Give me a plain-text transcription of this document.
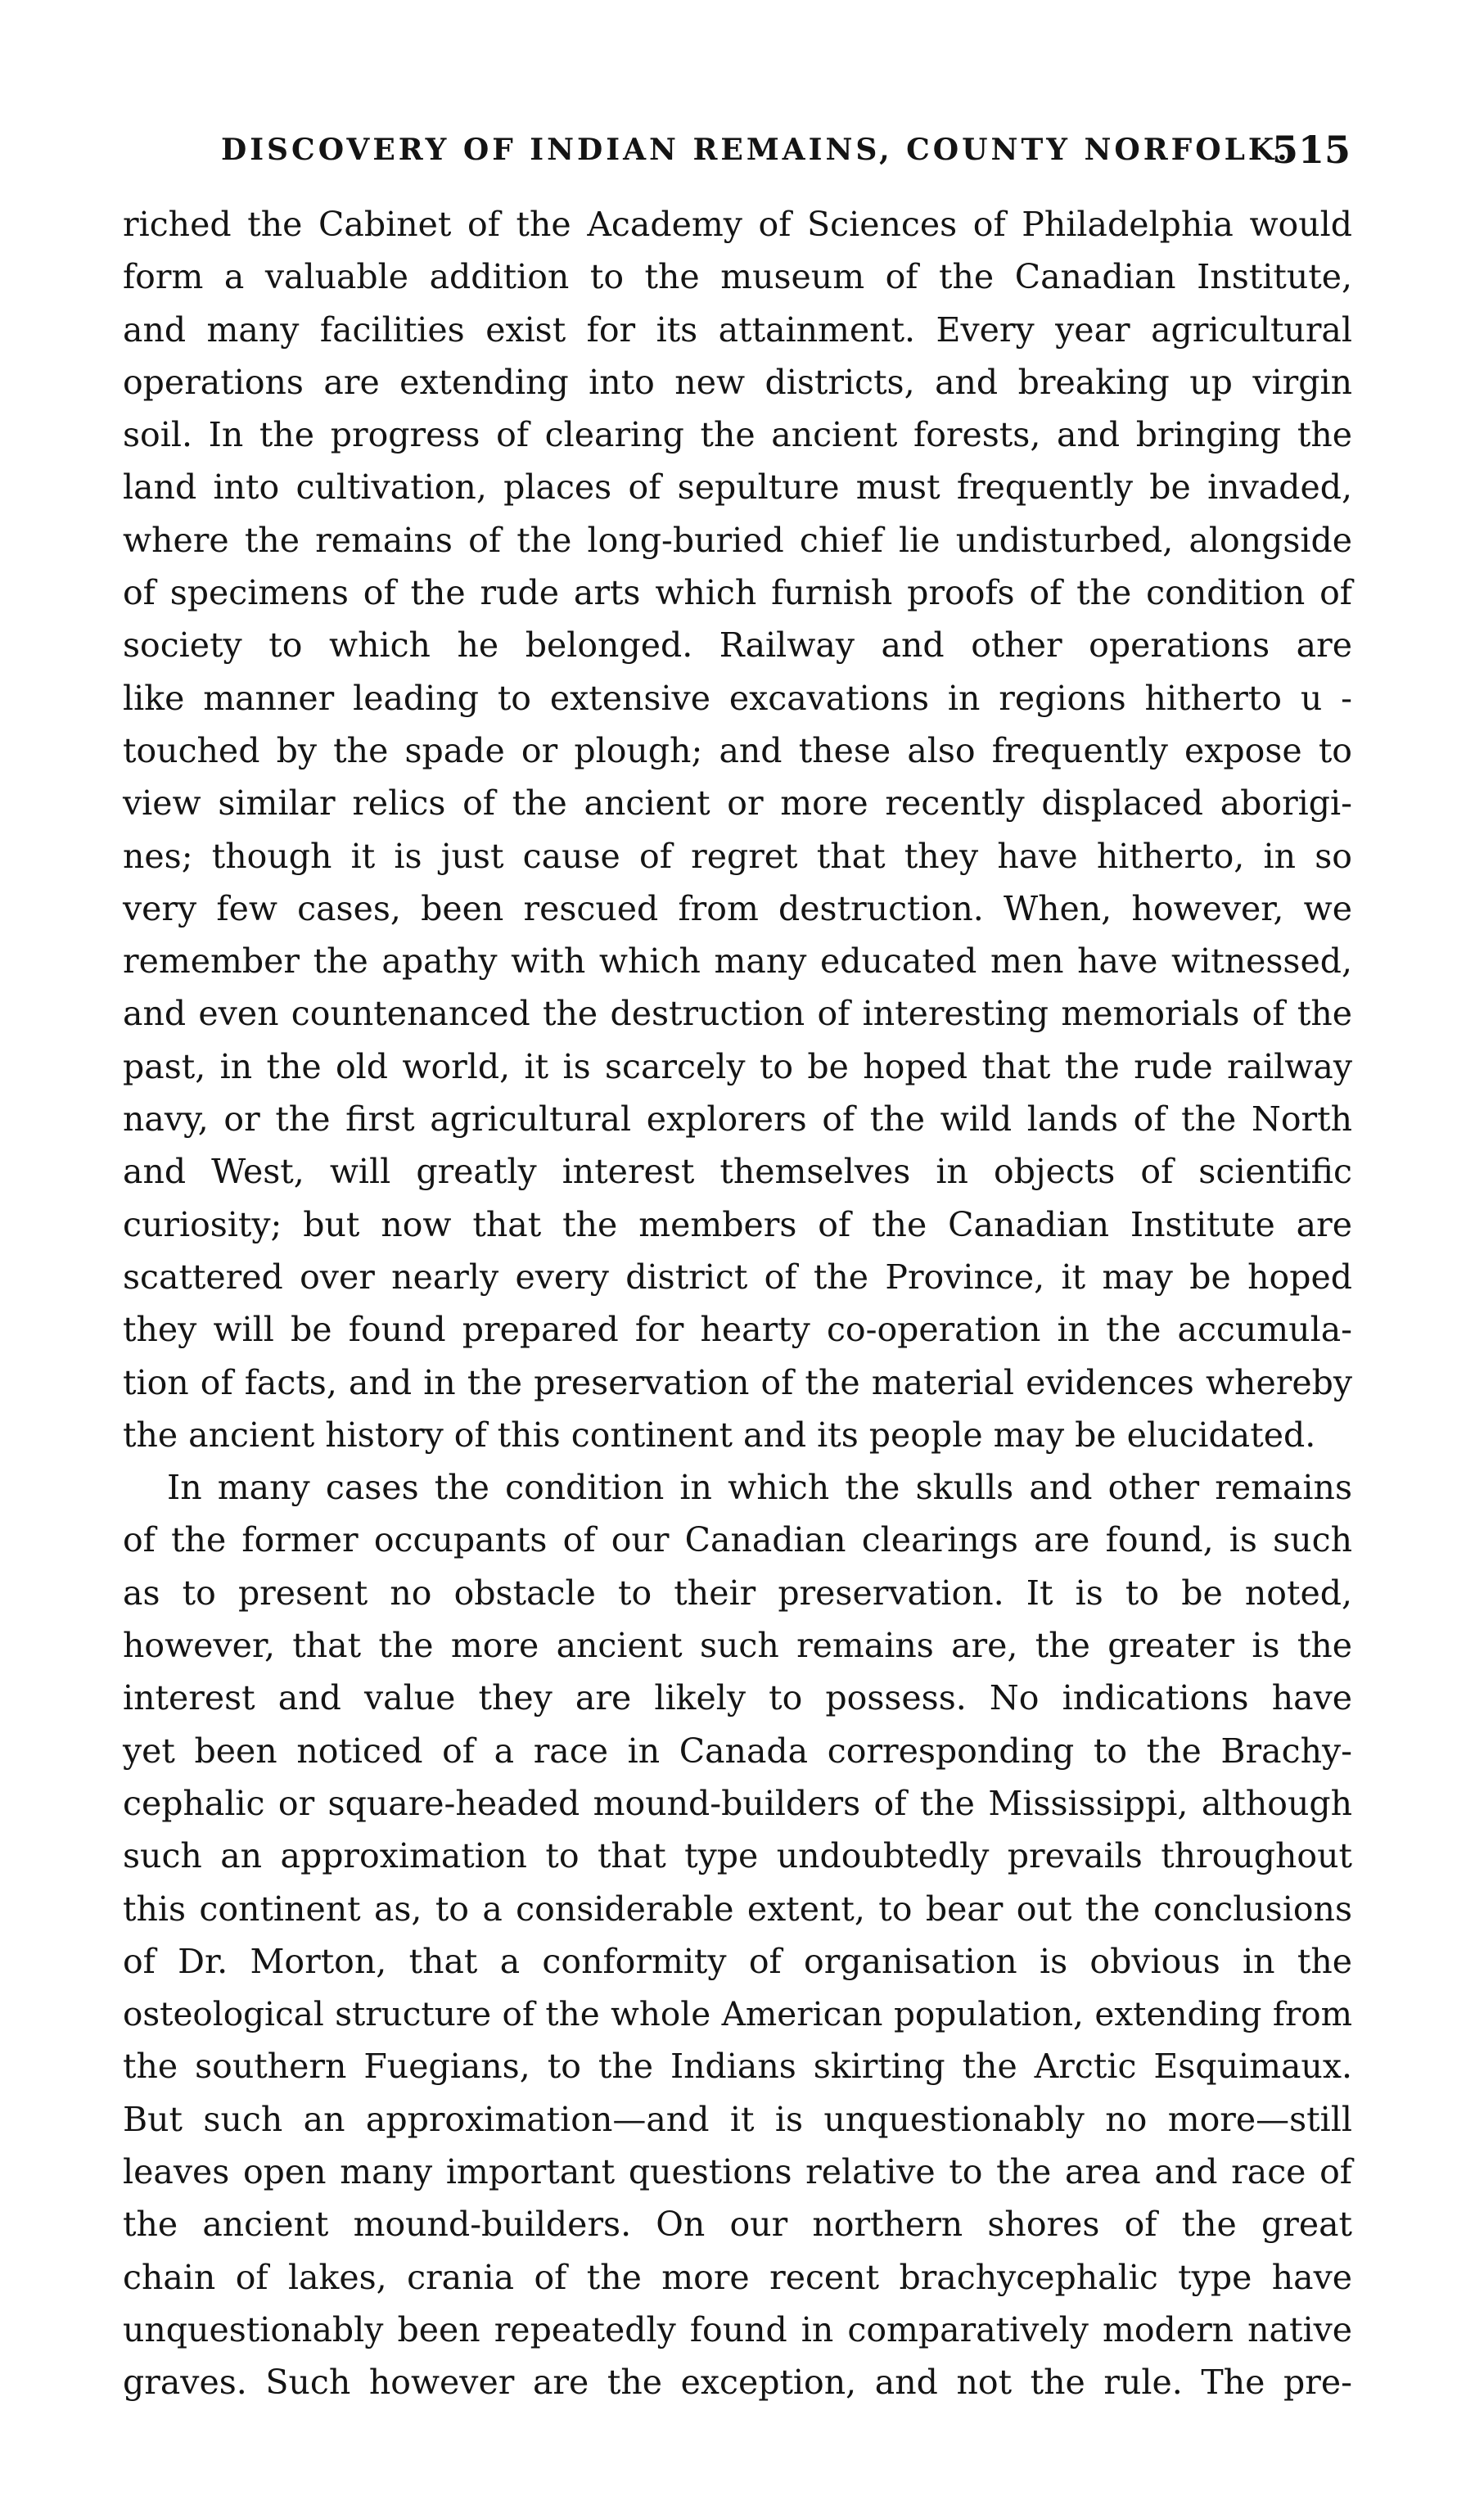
DISCOVERY OF INDIAN REMAINS, COUNTY NORFOLK.
515
riched the Cabinet of the Academy of Sciences of Philadelphia would
form a valuable addition to the museum of the Canadian Institute,
and many facilities exist for its attainment. Every year agricultural
operations are extending into new districts, and breaking up virgin
soil. In the progress of clearing the ancient forests, and bringing the
land into cultivation, places of sepulture must frequently be invaded,
where the remains of the long-buried chief lie undisturbed, alongside
of specimens of the rude arts which furnish proofs of the condition of
society to which he belonged. Railway and other operations are
like manner leading to extensive excavations in regions hitherto u -
touched by the spade or plough; and these also frequently expose to
view similar relics of the ancient or more recently displaced aborigi-
nes; though it is just cause of regret that they have hitherto, in so
very few cases, been rescued from destruction. When, however, we
remember the apathy with which many educated men have witnessed,
and even countenanced the destruction of interesting memorials of the
past, in the old world, it is scarcely to be hoped that the rude railway
navy, or the first agricultural explorers of the wild lands of the North
and West, will greatly interest themselves in objects of scientific
curiosity; but now that the members of the Canadian Institute are
scattered over nearly every district of the Province, it may be hoped
they will be found prepared for hearty co-operation in the accumula-
tion of facts, and in the preservation of the material evidences whereby
the ancient history of this continent and its people may be elucidated.
In many cases the condition in which the skulls and other remains
of the former occupants of our Canadian clearings are found, is such
as to present no obstacle to their preservation. It is to be noted,
however, that the more ancient such remains are, the greater is the
interest and value they are likely to possess. No indications have
yet been noticed of a race in Canada corresponding to the Brachy-
cephalic or square-headed mound-builders of the Mississippi, although
such an approximation to that type undoubtedly prevails throughout
this continent as, to a considerable extent, to bear out the conclusions
of Dr. Morton, that a conformity of organisation is obvious in the
osteological structure of the whole American population, extending from
the southern Fuegians, to the Indians skirting the Arctic Esquimaux.
But such an approximation—and it is unquestionably no more—still
leaves open many important questions relative to the area and race of
the ancient mound-builders. On our northern shores of the great
chain of lakes, crania of the more recent brachycephalic type have
unquestionably been repeatedly found in comparatively modern native
graves. Such however are the exception, and not the rule. The pre-
